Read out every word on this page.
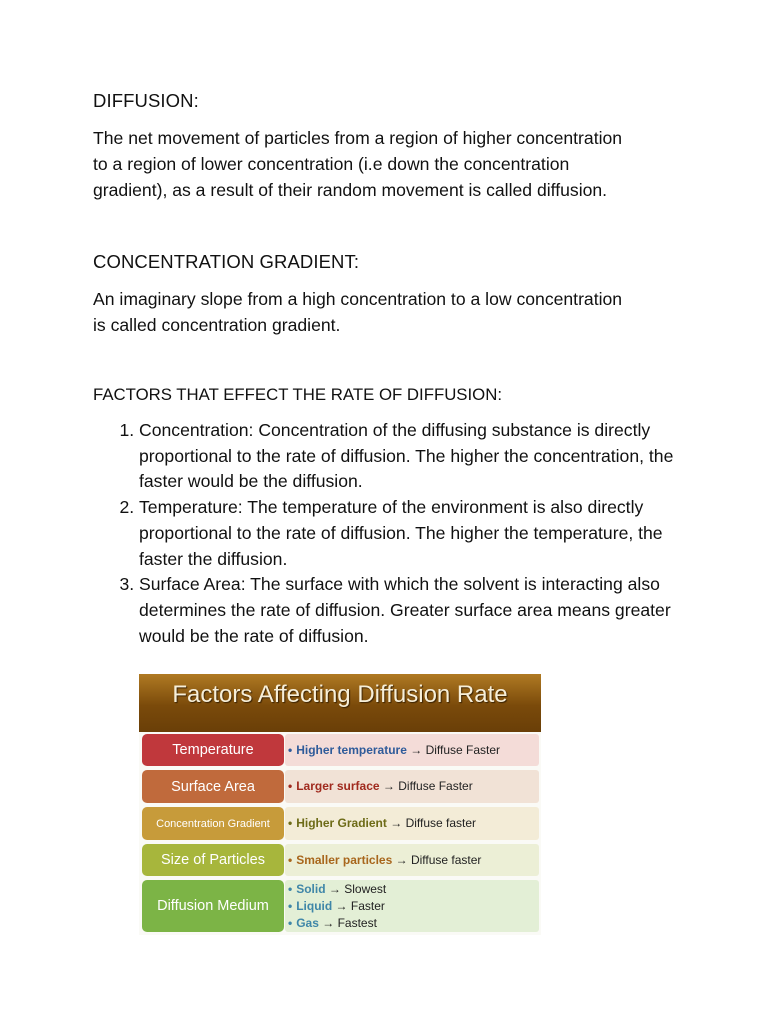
DIFFUSION:
The net movement of particles from a region of higher concentration
to a region of lower concentration (i.e down the concentration
gradient), as a result of their random movement is called diffusion.
CONCENTRATION GRADIENT:
An imaginary slope from a high concentration to a low concentration
is called concentration gradient.
FACTORS THAT EFFECT THE RATE OF DIFFUSION:
1. Concentration: Concentration of the diffusing substance is directly proportional to the rate of diffusion. The higher the concentration, the faster would be the diffusion.
2. Temperature: The temperature of the environment is also directly proportional to the rate of diffusion. The higher the temperature, the faster the diffusion.
3. Surface Area: The surface with which the solvent is interacting also determines the rate of diffusion. Greater surface area means greater would be the rate of diffusion.
Factors Affecting Diffusion Rate
Temperature	• Higher temperature → Diffuse Faster
Surface Area	• Larger surface → Diffuse Faster
Concentration Gradient	• Higher Gradient → Diffuse faster
Size of Particles	• Smaller particles → Diffuse faster
Diffusion Medium
• Solid → Slowest
• Liquid → Faster
• Gas → Fastest
